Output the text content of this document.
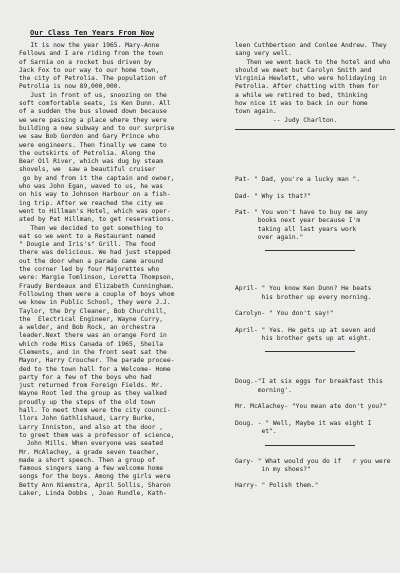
Our Class Ten Years From Now
It is now the year 1965. Mary-Anne
Fellows and I are riding from the town
of Sarnia on a rocket bus driven by
Jack Fox to our way to our home town,
the city of Petrolia. The population of
Petrolia is now 89,000,000.
Just in front of us, snoozing on the
soft comfortable seats, is Ken Dunn. All
of a sudden the bus slowed down because
we were passing a place where they were
building a new subway and to our surprise
we saw Bob Gordon and Gary Prince who
were engineers. Then finally we came to
the outskirts of Petrolia. Along the
Bear Oil River, which was dug by steam
shovels, we  saw a beautiful cruiser
go by and from it the captain and owner,
who was John Egan, waved to us, he was
on his way to Johnson Harbour on a fish-
ing trip. After we reached the city we
went to Hillman's Hotel, which was oper-
ated by Pat Hillman, to get reservations.
Then we decided to get something to
eat so we went to a Restaurant named
" Dougie and Iris's" Grill. The food
there was delicious. We had just stepped
out the door when a parade came around
the corner led by four Majorettes who
were: Margie Tomlinson, Loretta Thompson,
Fraudy Berdeaux and Elizabeth Cunningham.
Following them were a couple of boys whom
we knew in Public School, they were J.J.
Taylor, the Dry Cleaner, Bob Churchill,
the  Electrical Engineer, Wayne Curry,
a welder, and Bob Rock, an orchestra
leader.Next there was an orange Ford in
which rode Miss Canada of 1965, Sheila
Clements, and in the front seat sat the
Mayor, Harry Croucher. The parade procee-
ded to the town hall for a Welcome- Home
party for a few of the boys who had
just returned from Foreign Fields. Mr.
Wayne Root led the group as they walked
proudly up the steps of the old town
hall. To meet them were the city counci-
llors John Gathlishaud, Larry Burke,
Larry Inniston, and also at the door ,
to greet them was a professor of science,
John Mills. When everyone was seated
Mr. McAlachey, a grade seven teacher,
made a short speech. Then a group of
famous singers sang a few welcome home
songs for the boys. Among the girls were
Betty Ann Niemstra, April Sollis, Sharon
Laker, Linda Dobbs , Joan Rundle, Kath-
leen Cuthbertson and Conlee Andrew. They
sang very well.
Then we went back to the hotel and who
should we meet but Carolyn Smith and
Virginia Hewlett, who were holidaying in
Petrolia. After chatting with them for
a while we retired to bed, thinking
how nice it was to back in our home
town again.
-- Judy Charlton.
Pat- " Dad, you're a lucky man ".

Dad- " Why is that?"

Pat- " You won't have to buy me any
books next year because I'm
taking all last years work
over again."
April- " You know Ken Dunn? He beats
his brother up every morning.

Carolyn- " You don't say!"

April- " Yes. He gets up at seven and
his brother gets up at eight.
Doug.-"I at six eggs for breakfast this
morning'.

Mr. McAlachey- "You mean ate don't you?"

Doug. - " Well, Maybe it was eight I
et".
Gary- " What would you do if   r you were
in my shoes?"

Harry- " Polish them."
